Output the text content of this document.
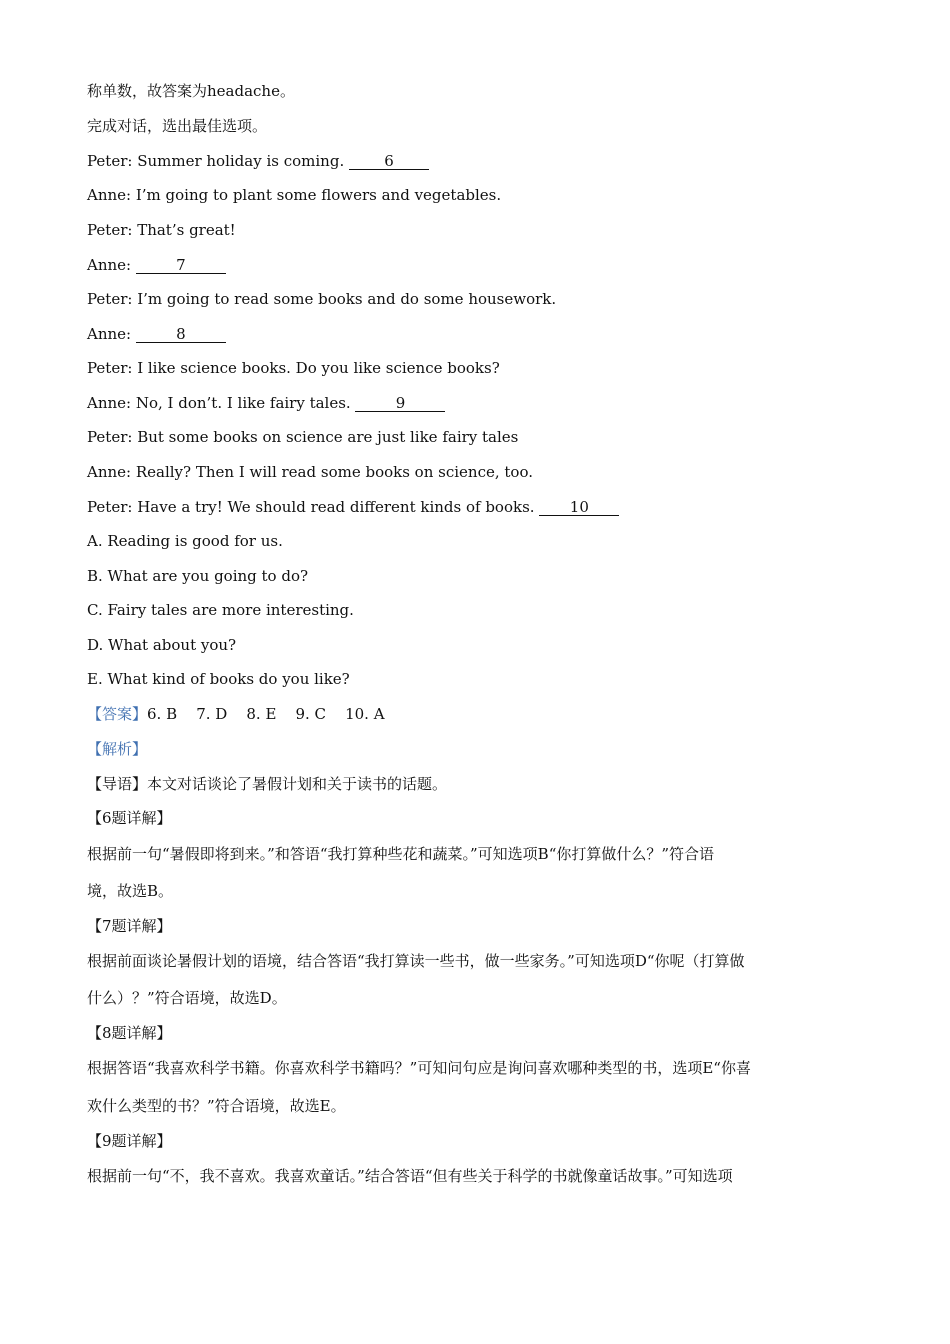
称单数，故答案为headache。
完成对话，选出最佳选项。
Peter: Summer holiday is coming. 6
Anne: I’m going to plant some flowers and vegetables.
Peter: That’s great!
Anne:	7
Peter: I’m going to read some books and do some housework.
Anne:	8
Peter: I like science books. Do you like science books?
Anne: No, I don’t. I like fairy tales.	9
Peter: But some books on science are just like fairy tales
Anne: Really? Then I will read some books on science, too.
Peter: Have a try! We should read different kinds of books. 10
A. Reading is good for us.
B. What are you going to do?
C. Fairy tales are more interesting.
D. What about you?
E. What kind of books do you like?
【答案】6. B    7. D    8. E    9. C    10. A
【解析】
【导语】本文对话谈论了暑假计划和关于读书的话题。
【6题详解】
根据前一句“暑假即将到来。”和答语“我打算种些花和蔬菜。”可知选项B“你打算做什么？”符合语
境，故选B。
【7题详解】
根据前面谈论暑假计划的语境，结合答语“我打算读一些书，做一些家务。”可知选项D“你呢（打算做
什么）？”符合语境，故选D。
【8题详解】
根据答语“我喜欢科学书籍。你喜欢科学书籍吗？”可知问句应是询问喜欢哪种类型的书，选项E“你喜
欢什么类型的书？”符合语境，故选E。
【9题详解】
根据前一句“不，我不喜欢。我喜欢童话。”结合答语“但有些关于科学的书就像童话故事。”可知选项
